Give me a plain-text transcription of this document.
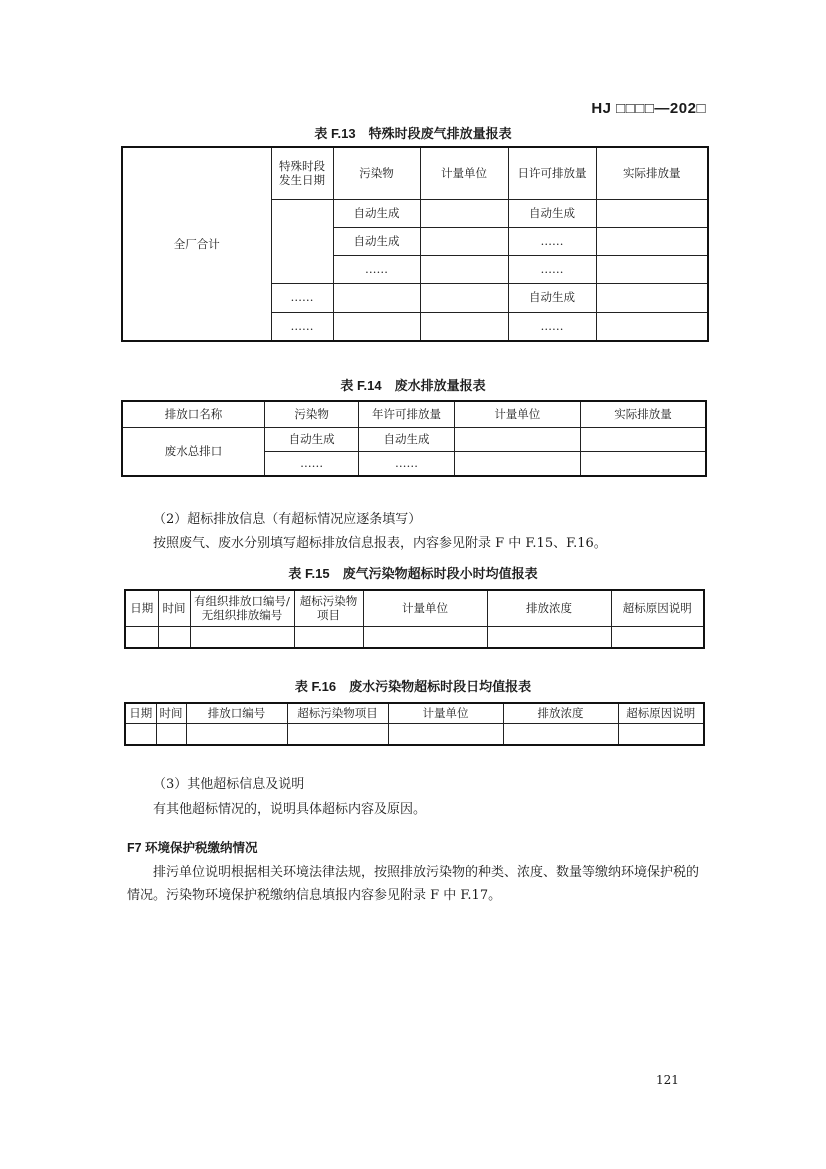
HJ □□□□—202□
表 F.13　特殊时段废气排放量报表
全厂合计	特殊时段发生日期	污染物	计量单位	日许可排放量	实际排放量
		自动生成		自动生成	
		自动生成		……	
		……		……	
	……			自动生成	
	……			……	
表 F.14　废水排放量报表
排放口名称	污染物	年许可排放量	计量单位	实际排放量
废水总排口	自动生成	自动生成		
	……	……		
（2）超标排放信息（有超标情况应逐条填写）
按照废气、废水分别填写超标排放信息报表，内容参见附录 F 中 F.15、F.16。
表 F.15　废气污染物超标时段小时均值报表
日期	时间	有组织排放口编号/无组织排放编号	超标污染物项目	计量单位	排放浓度	超标原因说明

表 F.16　废水污染物超标时段日均值报表
日期	时间	排放口编号	超标污染物项目	计量单位	排放浓度	超标原因说明

（3）其他超标信息及说明
有其他超标情况的，说明具体超标内容及原因。
F7 环境保护税缴纳情况
排污单位说明根据相关环境法律法规，按照排放污染物的种类、浓度、数量等缴纳环境保护税的情况。污染物环境保护税缴纳信息填报内容参见附录 F 中 F.17。
121
